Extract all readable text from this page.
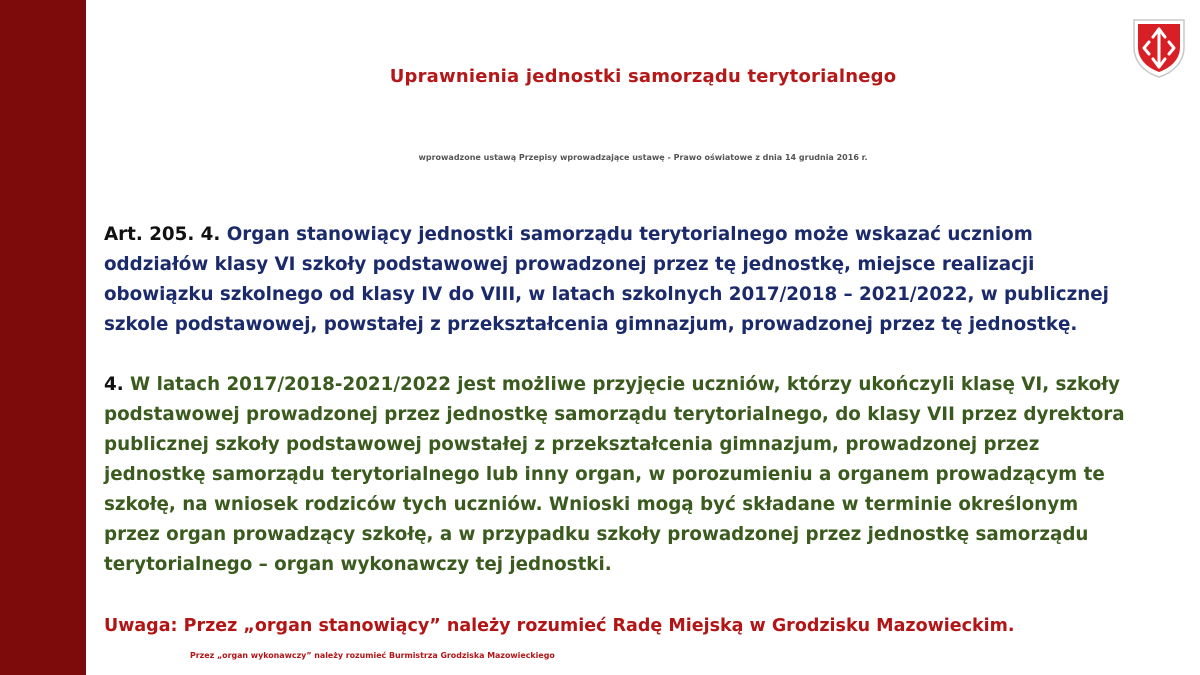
Uprawnienia jednostki samorządu terytorialnego
wprowadzone ustawą Przepisy wprowadzające ustawę - Prawo oświatowe z dnia 14 grudnia 2016 r.
Art. 205. 4. Organ stanowiący jednostki samorządu terytorialnego może wskazać uczniom
oddziałów klasy VI szkoły podstawowej prowadzonej przez tę jednostkę, miejsce realizacji
obowiązku szkolnego od klasy IV do VIII, w latach szkolnych 2017/2018 – 2021/2022, w publicznej
szkole podstawowej, powstałej z przekształcenia gimnazjum, prowadzonej przez tę jednostkę.
4. W latach 2017/2018-2021/2022 jest możliwe przyjęcie uczniów, którzy ukończyli klasę VI, szkoły
podstawowej prowadzonej przez jednostkę samorządu terytorialnego, do klasy VII przez dyrektora
publicznej szkoły podstawowej powstałej z przekształcenia gimnazjum, prowadzonej przez
jednostkę samorządu terytorialnego lub inny organ, w porozumieniu a organem prowadzącym te
szkołę, na wniosek rodziców tych uczniów. Wnioski mogą być składane w terminie określonym
przez organ prowadzący szkołę, a w przypadku szkoły prowadzonej przez jednostkę samorządu
terytorialnego – organ wykonawczy tej jednostki.
Uwaga: Przez „organ stanowiący” należy rozumieć Radę Miejską w Grodzisku Mazowieckim.
Przez „organ wykonawczy” należy rozumieć Burmistrza Grodziska Mazowieckiego
